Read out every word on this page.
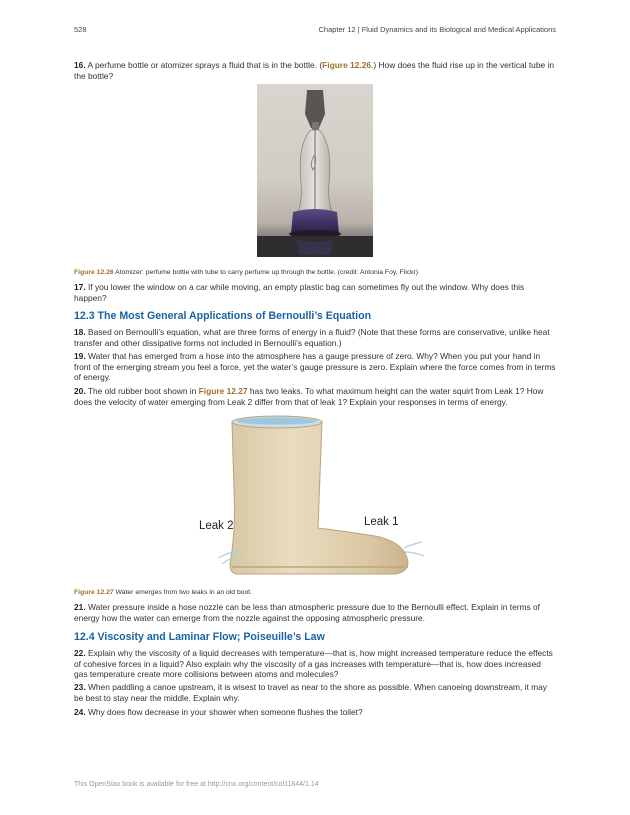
528	Chapter 12 | Fluid Dynamics and its Biological and Medical Applications

16. A perfume bottle or atomizer sprays a fluid that is in the bottle. (Figure 12.26.) How does the fluid rise up in the vertical tube in the bottle?

Figure 12.26 Atomizer: perfume bottle with tube to carry perfume up through the bottle. (credit: Antonia Foy, Flickr)

17. If you lower the window on a car while moving, an empty plastic bag can sometimes fly out the window. Why does this happen?

12.3 The Most General Applications of Bernoulli’s Equation

18. Based on Bernoulli’s equation, what are three forms of energy in a fluid? (Note that these forms are conservative, unlike heat transfer and other dissipative forms not included in Bernoulli’s equation.)

19. Water that has emerged from a hose into the atmosphere has a gauge pressure of zero. Why? When you put your hand in front of the emerging stream you feel a force, yet the water’s gauge pressure is zero. Explain where the force comes from in terms of energy.

20. The old rubber boot shown in Figure 12.27 has two leaks. To what maximum height can the water squirt from Leak 1? How does the velocity of water emerging from Leak 2 differ from that of leak 1? Explain your responses in terms of energy.

Leak 2	Leak 1

Figure 12.27 Water emerges from two leaks in an old boot.

21. Water pressure inside a hose nozzle can be less than atmospheric pressure due to the Bernoulli effect. Explain in terms of energy how the water can emerge from the nozzle against the opposing atmospheric pressure.

12.4 Viscosity and Laminar Flow; Poiseuille’s Law

22. Explain why the viscosity of a liquid decreases with temperature—that is, how might increased temperature reduce the effects of cohesive forces in a liquid? Also explain why the viscosity of a gas increases with temperature—that is, how does increased gas temperature create more collisions between atoms and molecules?

23. When paddling a canoe upstream, it is wisest to travel as near to the shore as possible. When canoeing downstream, it may be best to stay near the middle. Explain why.

24. Why does flow decrease in your shower when someone flushes the toilet?

This OpenStax book is available for free at http://cnx.org/content/col11844/1.14
